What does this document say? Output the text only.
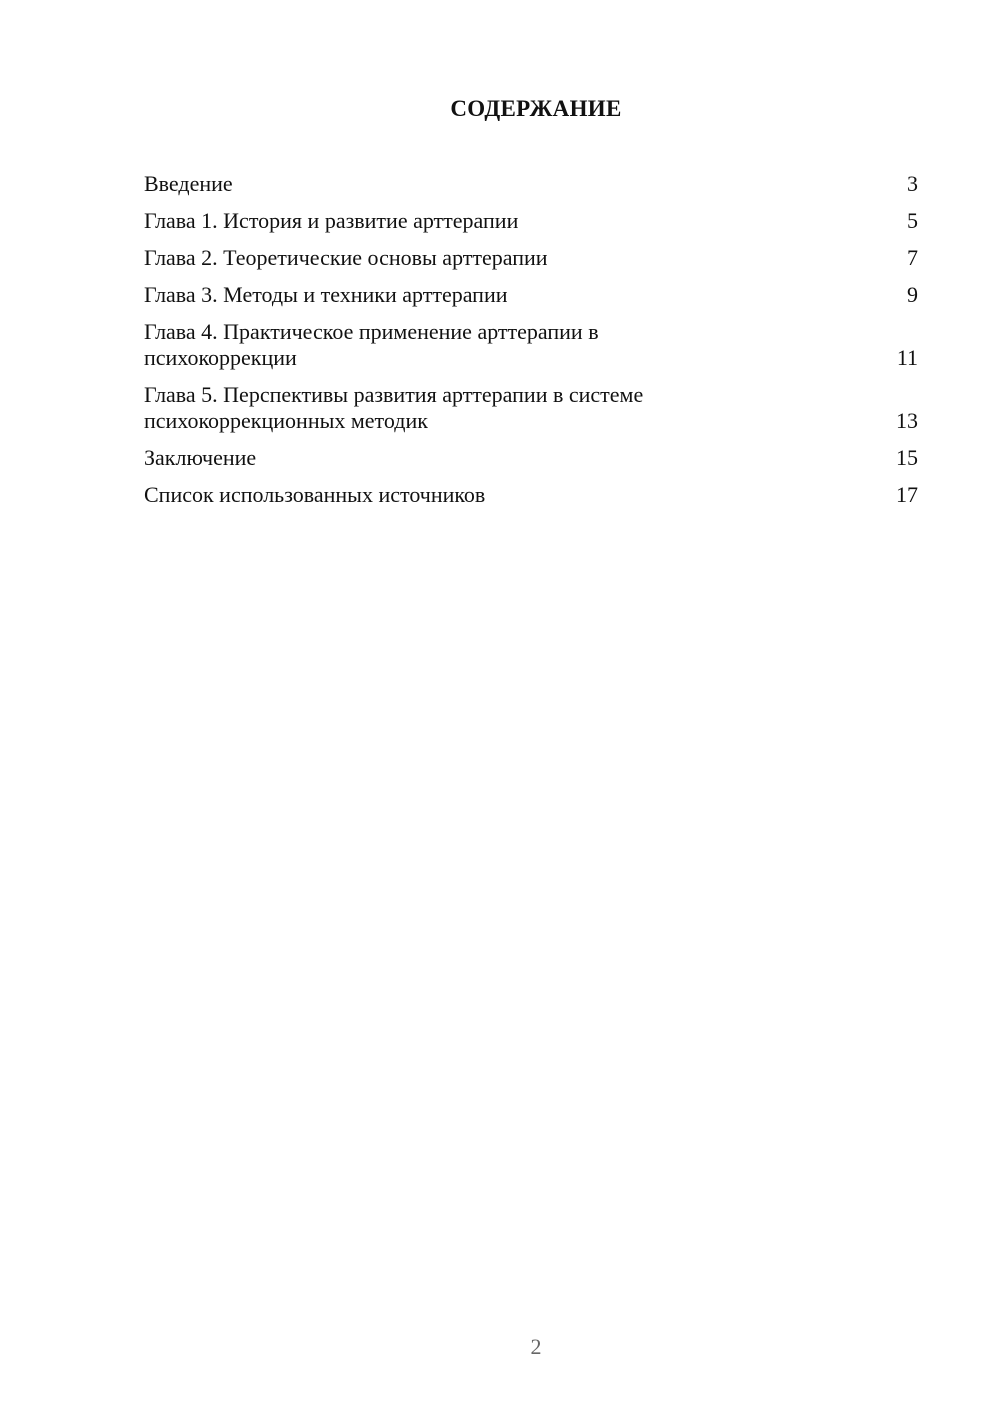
СОДЕРЖАНИЕ
Введение	3
Глава 1. История и развитие арттерапии	5
Глава 2. Теоретические основы арттерапии	7
Глава 3. Методы и техники арттерапии	9
Глава 4. Практическое применение арттерапии в
психокоррекции	11
Глава 5. Перспективы развития арттерапии в системе
психокоррекционных методик	13
Заключение	15
Список использованных источников	17
2
